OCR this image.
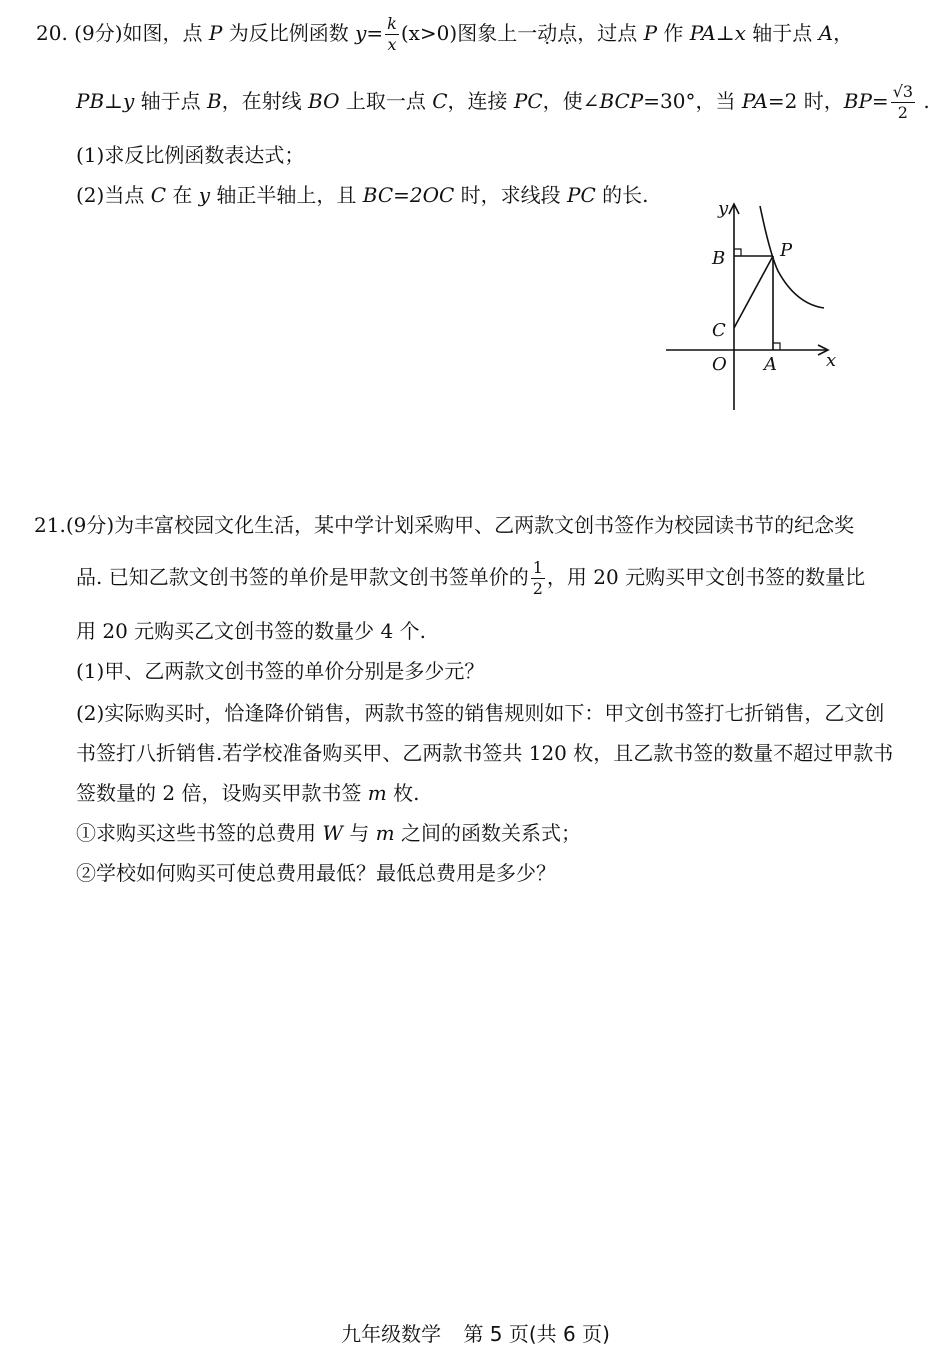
20. (9分)如图，点 P 为反比例函数 $y= \frac{k}{x} (x>0)$图象上一动点，过点 P 作 PA⊥x 轴于点 A，
PB⊥y 轴于点 B，在射线 BO 上取一点 C，连接 PC，使∠BCP=30°，当 PA=2 时，$BP= \frac{√3}{2}$ .
(1)求反比例函数表达式；
(2)当点 C 在 y 轴正半轴上，且 BC=2OC 时，求线段 PC 的长.
y
x
O A
B
C
P
21.(9分)为丰富校园文化生活，某中学计划采购甲、乙两款文创书签作为校园读书节的纪念奖
品. 已知乙款文创书签的单价是甲款文创书签单价的 $\frac{1}{2}$ ，用 20 元购买甲文创书签的数量比
用 20 元购买乙文创书签的数量少 4 个.
(1)甲、乙两款文创书签的单价分别是多少元？
(2)实际购买时，恰逢降价销售，两款书签的销售规则如下：甲文创书签打七折销售，乙文创
书签打八折销售.若学校准备购买甲、乙两款书签共 120 枚，且乙款书签的数量不超过甲款书
签数量的 2 倍，设购买甲款书签 m 枚.
①求购买这些书签的总费用 W 与 m 之间的函数关系式；
②学校如何购买可使总费用最低？最低总费用是多少？
九年级数学 第 5 页(共 6 页)
